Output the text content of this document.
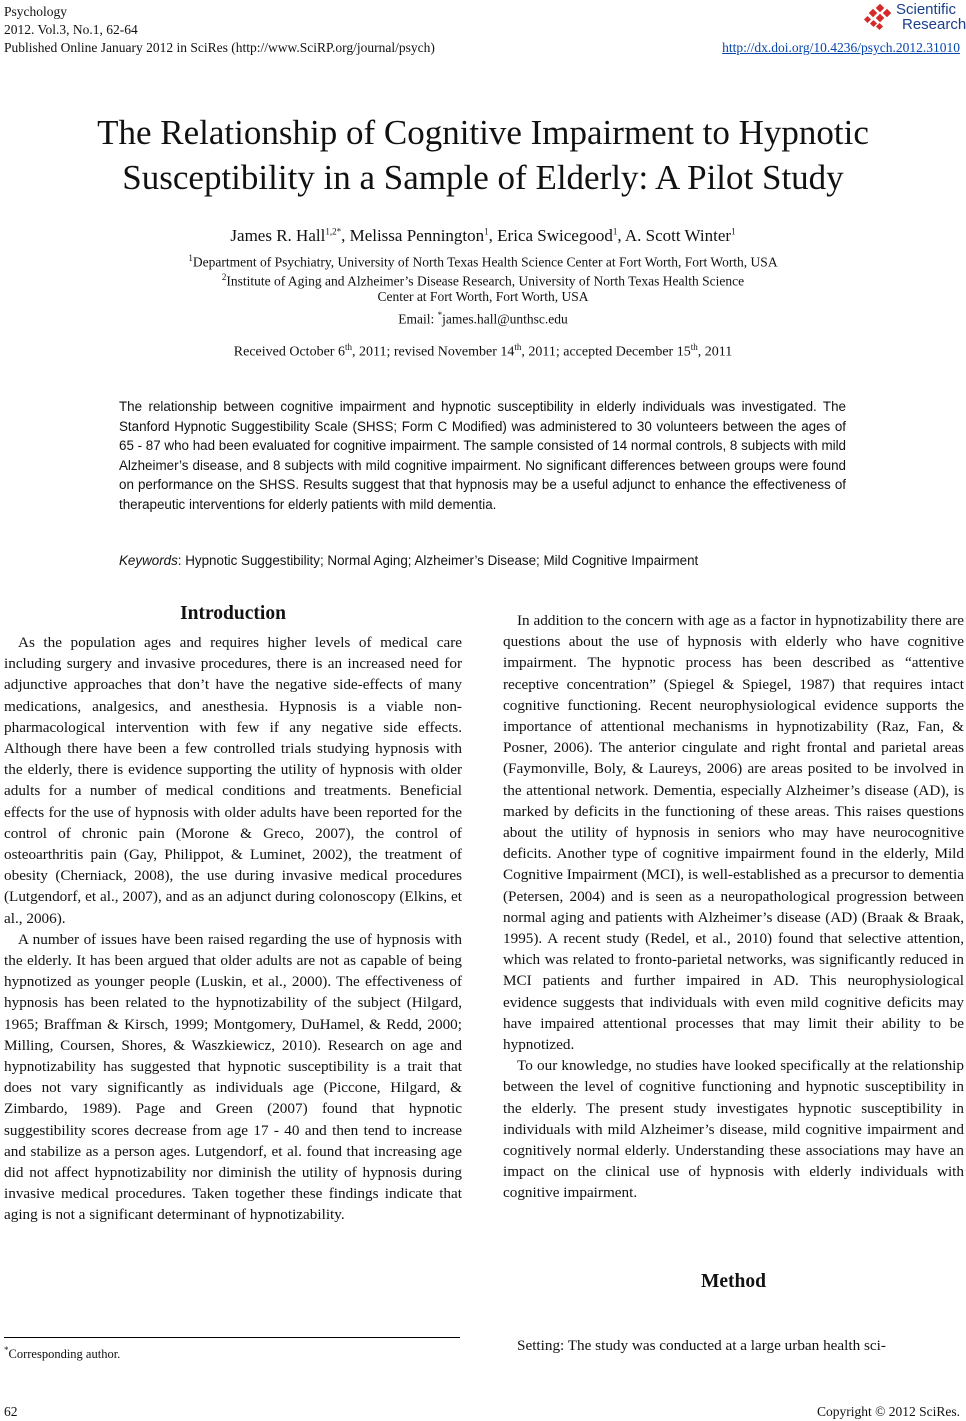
Psychology
2012. Vol.3, No.1, 62-64
Published Online January 2012 in SciRes (http://www.SciRP.org/journal/psych)	http://dx.doi.org/10.4236/psych.2012.31010
Scientific
Research
The Relationship of Cognitive Impairment to Hypnotic
Susceptibility in a Sample of Elderly: A Pilot Study
James R. Hall$^{1,2*}$, Melissa Pennington$^1$, Erica Swicegood$^1$, A. Scott Winter$^1$
$^1$Department of Psychiatry, University of North Texas Health Science Center at Fort Worth, Fort Worth, USA
$^2$Institute of Aging and Alzheimer’s Disease Research, University of North Texas Health Science
Center at Fort Worth, Fort Worth, USA
Email: *james.hall@unthsc.edu
Received October 6th, 2011; revised November 14th, 2011; accepted December 15th, 2011
The relationship between cognitive impairment and hypnotic susceptibility in elderly individuals was investigated. The Stanford Hypnotic Suggestibility Scale (SHSS; Form C Modified) was administered to 30 volunteers between the ages of 65 - 87 who had been evaluated for cognitive impairment. The sample consisted of 14 normal controls, 8 subjects with mild Alzheimer’s disease, and 8 subjects with mild cognitive impairment. No significant differences between groups were found on performance on the SHSS. Results suggest that that hypnosis may be a useful adjunct to enhance the effectiveness of therapeutic interventions for elderly patients with mild dementia.
Keywords: Hypnotic Suggestibility; Normal Aging; Alzheimer’s Disease; Mild Cognitive Impairment
Introduction

As the population ages and requires higher levels of medical care including surgery and invasive procedures, there is an increased need for adjunctive approaches that don’t have the negative side-effects of many medications, analgesics, and anesthesia. Hypnosis is a viable non-pharmacological intervention with few if any negative side effects. Although there have been a few controlled trials studying hypnosis with the elderly, there is evidence supporting the utility of hypnosis with older adults for a number of medical conditions and treatments. Beneficial effects for the use of hypnosis with older adults have been reported for the control of chronic pain (Morone & Greco, 2007), the control of osteoarthritis pain (Gay, Philippot, & Luminet, 2002), the treatment of obesity (Cherniack, 2008), the use during invasive medical procedures (Lutgendorf, et al., 2007), and as an adjunct during colonoscopy (Elkins, et al., 2006).

A number of issues have been raised regarding the use of hypnosis with the elderly. It has been argued that older adults are not as capable of being hypnotized as younger people (Luskin, et al., 2000). The effectiveness of hypnosis has been related to the hypnotizability of the subject (Hilgard, 1965; Braffman & Kirsch, 1999; Montgomery, DuHamel, & Redd, 2000; Milling, Coursen, Shores, & Waszkiewicz, 2010). Research on age and hypnotizability has suggested that hypnotic susceptibility is a trait that does not vary significantly as individuals age (Piccone, Hilgard, & Zimbardo, 1989). Page and Green (2007) found that hypnotic suggestibility scores decrease from age 17 - 40 and then tend to increase and stabilize as a person ages. Lutgendorf, et al. found that increasing age did not affect hypnotizability nor diminish the utility of hypnosis during invasive medical procedures. Taken together these findings indicate that aging is not a significant determinant of hypnotizability.

In addition to the concern with age as a factor in hypnotizability there are questions about the use of hypnosis with elderly who have cognitive impairment. The hypnotic process has been described as “attentive receptive concentration” (Spiegel & Spiegel, 1987) that requires intact cognitive functioning. Recent neurophysiological evidence supports the importance of attentional mechanisms in hypnotizability (Raz, Fan, & Posner, 2006). The anterior cingulate and right frontal and parietal areas (Faymonville, Boly, & Laureys, 2006) are areas posited to be involved in the attentional network. Dementia, especially Alzheimer’s disease (AD), is marked by deficits in the functioning of these areas. This raises questions about the utility of hypnosis in seniors who may have neurocognitive deficits. Another type of cognitive impairment found in the elderly, Mild Cognitive Impairment (MCI), is well-established as a precursor to dementia (Petersen, 2004) and is seen as a neuropathological progression between normal aging and patients with Alzheimer’s disease (AD) (Braak & Braak, 1995). A recent study (Redel, et al., 2010) found that selective attention, which was related to fronto-parietal networks, was significantly reduced in MCI patients and further impaired in AD. This neurophysiological evidence suggests that individuals with even mild cognitive deficits may have impaired attentional processes that may limit their ability to be hypnotized.

To our knowledge, no studies have looked specifically at the relationship between the level of cognitive functioning and hypnotic susceptibility in the elderly. The present study investigates hypnotic susceptibility in individuals with mild Alzheimer’s disease, mild cognitive impairment and cognitively normal elderly. Understanding these associations may have an impact on the clinical use of hypnosis with elderly individuals with cognitive impairment.

Method

Setting: The study was conducted at a large urban health sci-

*Corresponding author.
62	Copyright © 2012 SciRes.
